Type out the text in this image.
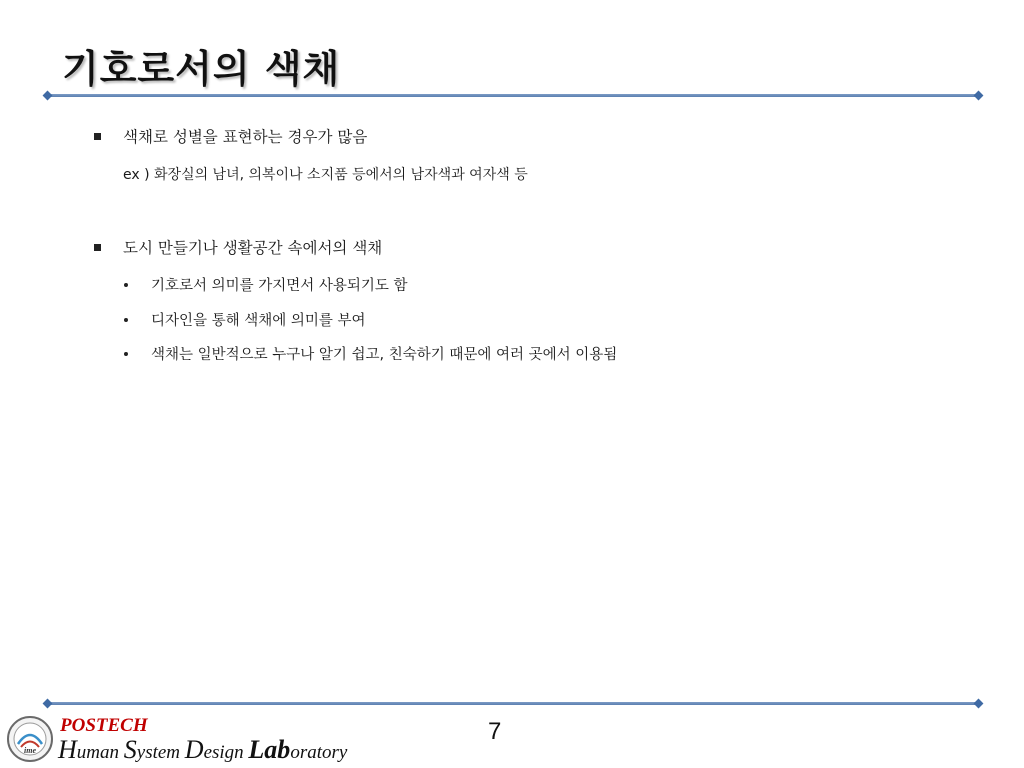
기호로서의 색채
색채로 성별을 표현하는 경우가 많음
ex ) 화장실의 남녀, 의복이나 소지품 등에서의 남자색과 여자색 등
도시 만들기나 생활공간 속에서의 색채
기호로서 의미를 가지면서 사용되기도 함
디자인을 통해 색채에 의미를 부여
색채는 일반적으로 누구나 알기 쉽고, 친숙하기 때문에 여러 곳에서 이용됨
7
ime
POSTECH
Human System Design Laboratory
